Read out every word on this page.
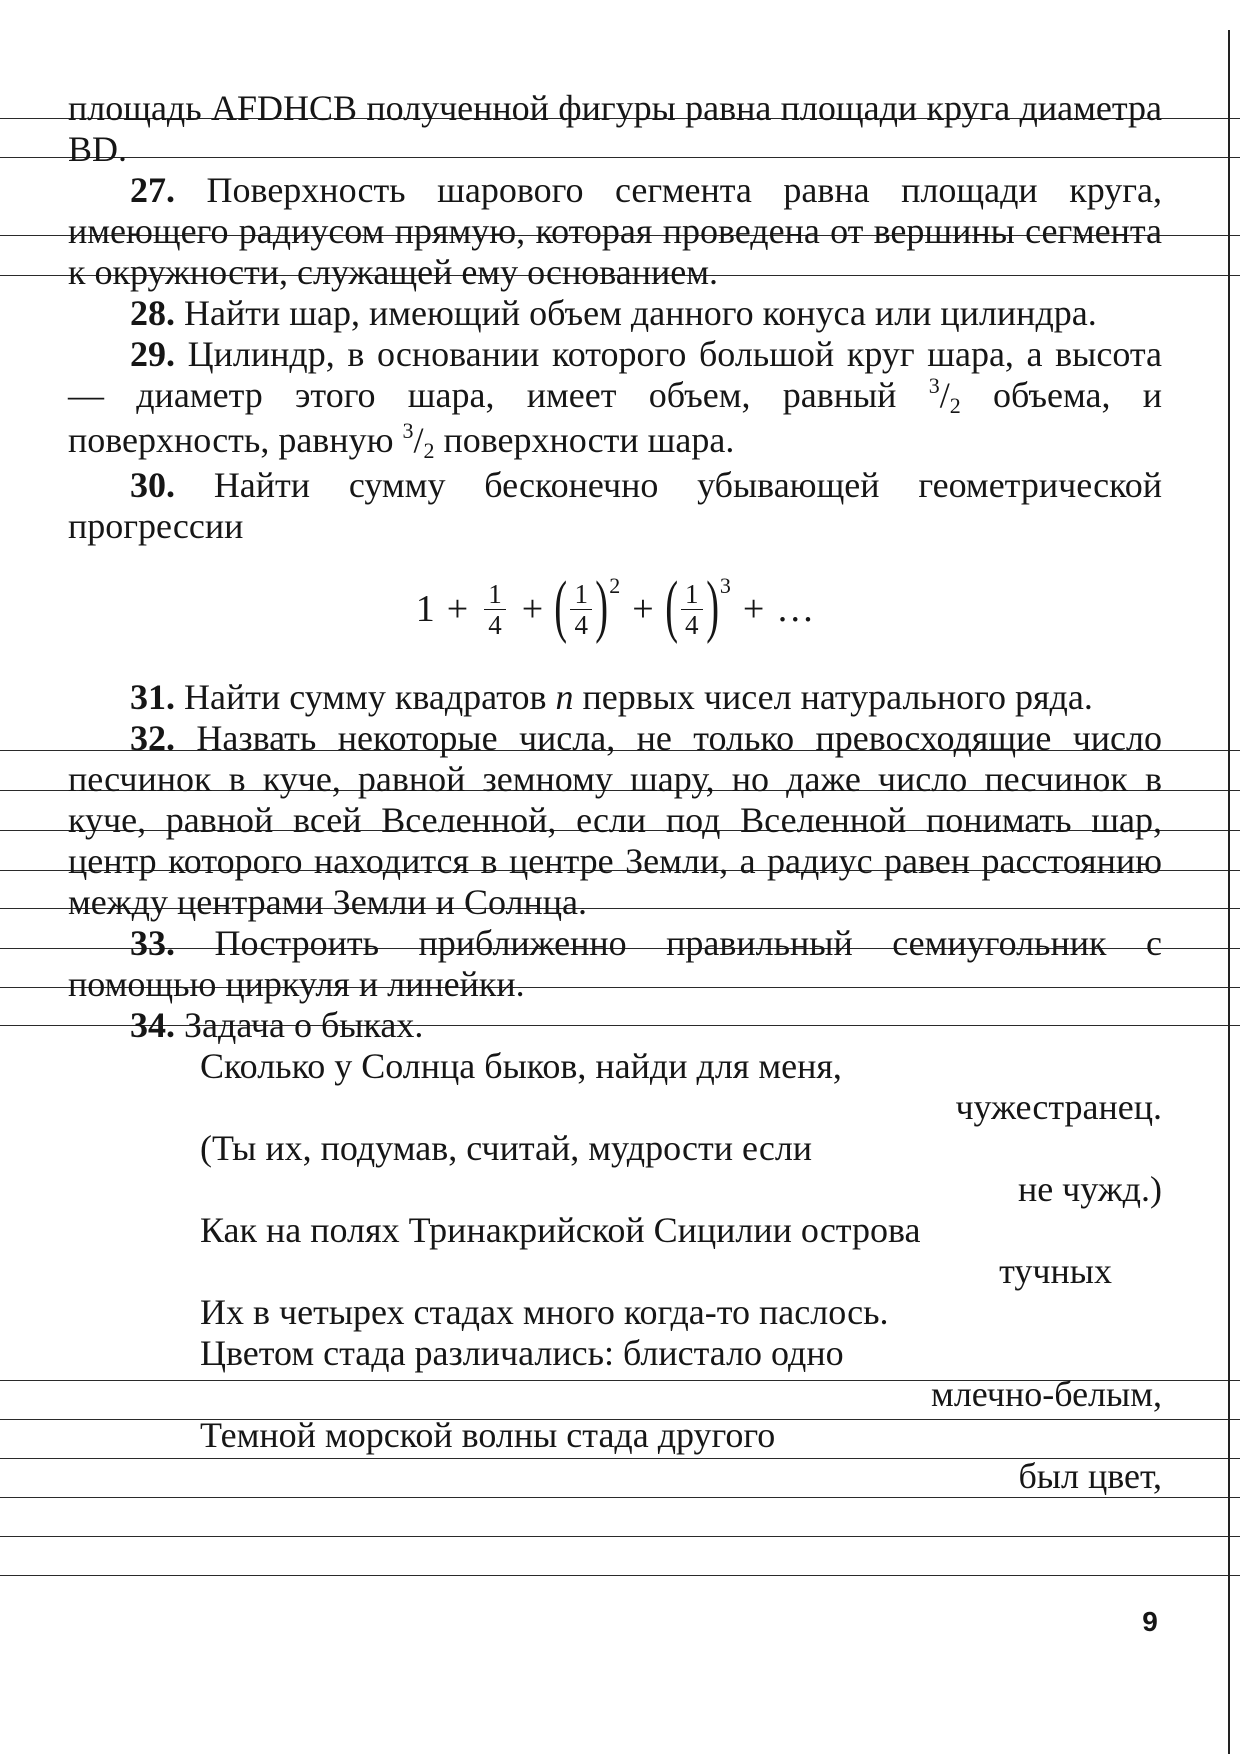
площадь AFDHCB полученной фигуры равна площади круга диаметра BD.

27. Поверхность шарового сегмента равна площади круга, имеющего радиусом прямую, которая проведена от вершины сегмента к окружности, служащей ему основанием.

28. Найти шар, имеющий объем данного конуса или цилиндра.

29. Цилиндр, в основании которого большой круг шара, а высота — диаметр этого шара, имеет объем, равный $^3$/2 объема, и поверхность, равную $^3$/2 поверхности шара.

30. Найти сумму бесконечно убывающей геометрической прогрессии

$1 + \frac{1}{4}$ + ( $\frac{1}{4}$ ) 2
+ ( $\frac{1}{4}$ ) 3
+ …

31. Найти сумму квадратов n первых чисел натурального ряда.

32. Назвать некоторые числа, не только превосходящие число песчинок в куче, равной земному шару, но даже число песчинок в куче, равной всей Вселенной, если под Вселенной понимать шар, центр которого находится в центре Земли, а радиус равен расстоянию между центрами Земли и Солнца.

33. Построить приближенно правильный семиугольник с помощью циркуля и линейки.

34. Задача о быках.

Сколько у Солнца быков, найди для меня,

чужестранец.

(Ты их, подумав, считай, мудрости если

не чужд.)

Как на полях Тринакрийской Сицилии острова

тучных

Их в четырех стадах много когда-то паслось.

Цветом стада различались: блистало одно

млечно-белым,

Темной морской волны стада другого

был цвет,

9
